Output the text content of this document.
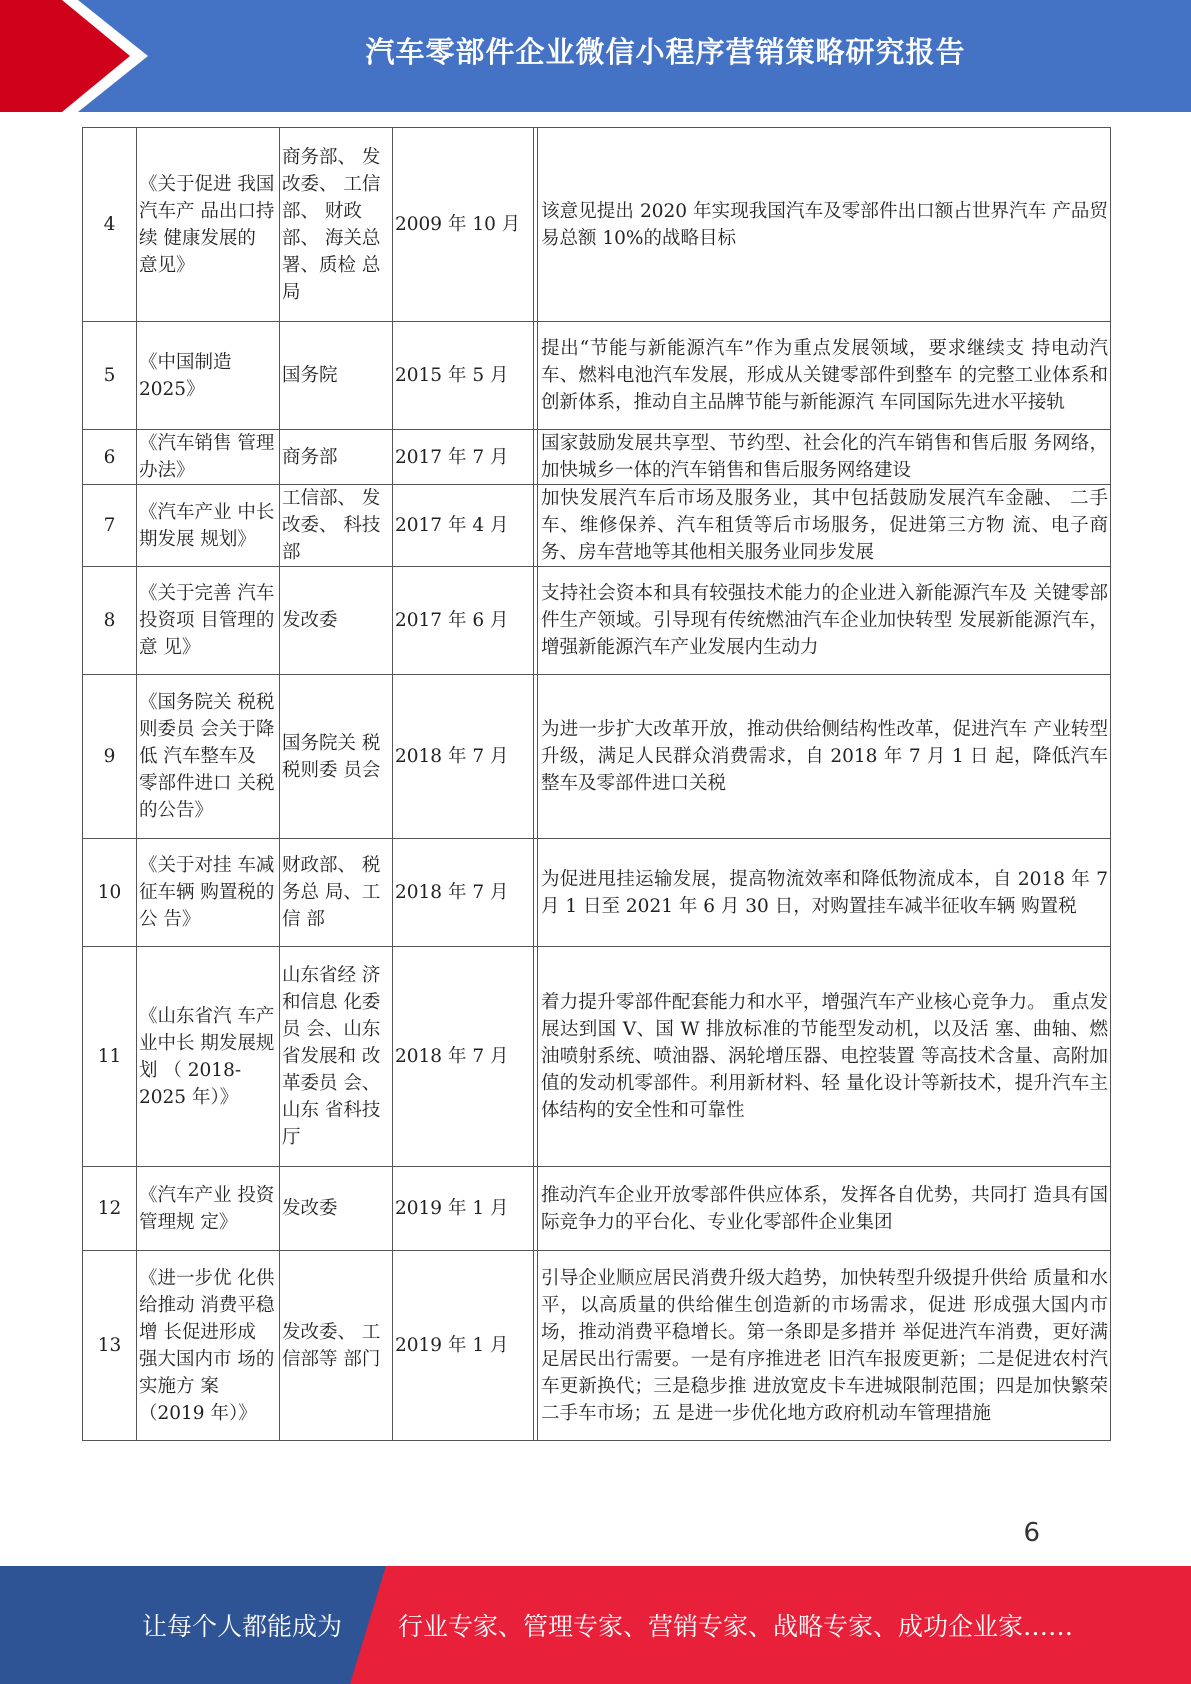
汽车零部件企业微信小程序营销策略研究报告
4	《关于促进 我国汽车产 品出口持续 健康发展的 意见》	商务部、 发改委、 工信部、 财政部、 海关总署、质检 总局	2009 年 10 月		该意见提出 2020 年实现我国汽车及零部件出口额占世界汽车 产品贸易总额 10%的战略目标
5	《中国制造 2025》	国务院	2015 年 5 月		提出“节能与新能源汽车”作为重点发展领域，要求继续支 持电动汽车、燃料电池汽车发展，形成从关键零部件到整车 的完整工业体系和创新体系，推动自主品牌节能与新能源汽 车同国际先进水平接轨
6	《汽车销售 管理办法》	商务部	2017 年 7 月		国家鼓励发展共享型、节约型、社会化的汽车销售和售后服 务网络，加快城乡一体的汽车销售和售后服务网络建设
7	《汽车产业 中长期发展 规划》	工信部、 发改委、 科技部	2017 年 4 月		加快发展汽车后市场及服务业，其中包括鼓励发展汽车金融、 二手车、维修保养、汽车租赁等后市场服务，促进第三方物 流、电子商务、房车营地等其他相关服务业同步发展
8	《关于完善 汽车投资项 目管理的意 见》	发改委	2017 年 6 月		支持社会资本和具有较强技术能力的企业进入新能源汽车及 关键零部件生产领域。引导现有传统燃油汽车企业加快转型 发展新能源汽车，增强新能源汽车产业发展内生动力
9	《国务院关 税税则委员 会关于降低 汽车整车及 零部件进口 关税的公告》	国务院关 税税则委 员会	2018 年 7 月		为进一步扩大改革开放，推动供给侧结构性改革，促进汽车 产业转型升级，满足人民群众消费需求，自 2018 年 7 月 1 日 起，降低汽车整车及零部件进口关税
10	《关于对挂 车减征车辆 购置税的公 告》	财政部、 税务总 局、工信 部	2018 年 7 月		为促进甩挂运输发展，提高物流效率和降低物流成本，自 2018 年 7 月 1 日至 2021 年 6 月 30 日，对购置挂车减半征收车辆 购置税
11	《山东省汽 车产业中长 期发展规划 （ 2018-2025 年）》	山东省经 济和信息 化委员 会、山东 省发展和 改革委员 会、山东 省科技厅	2018 年 7 月		着力提升零部件配套能力和水平，增强汽车产业核心竞争力。 重点发展达到国 V、国 W 排放标准的节能型发动机，以及活 塞、曲轴、燃油喷射系统、喷油器、涡轮增压器、电控装置 等高技术含量、高附加值的发动机零部件。利用新材料、轻 量化设计等新技术，提升汽车主体结构的安全性和可靠性
12	《汽车产业 投资管理规 定》	发改委	2019 年 1 月		推动汽车企业开放零部件供应体系，发挥各自优势，共同打 造具有国际竞争力的平台化、专业化零部件企业集团
13	《进一步优 化供给推动 消费平稳增 长促进形成 强大国内市 场的实施方 案（2019 年）》	发改委、 工信部等 部门	2019 年 1 月		引导企业顺应居民消费升级大趋势，加快转型升级提升供给 质量和水平，以高质量的供给催生创造新的市场需求，促进 形成强大国内市场，推动消费平稳增长。第一条即是多措并 举促进汽车消费，更好满足居民出行需要。一是有序推进老 旧汽车报废更新；二是促进农村汽车更新换代；三是稳步推 进放宽皮卡车进城限制范围；四是加快繁荣二手车市场；五 是进一步优化地方政府机动车管理措施
6
让每个人都能成为 行业专家、管理专家、营销专家、战略专家、成功企业家……
